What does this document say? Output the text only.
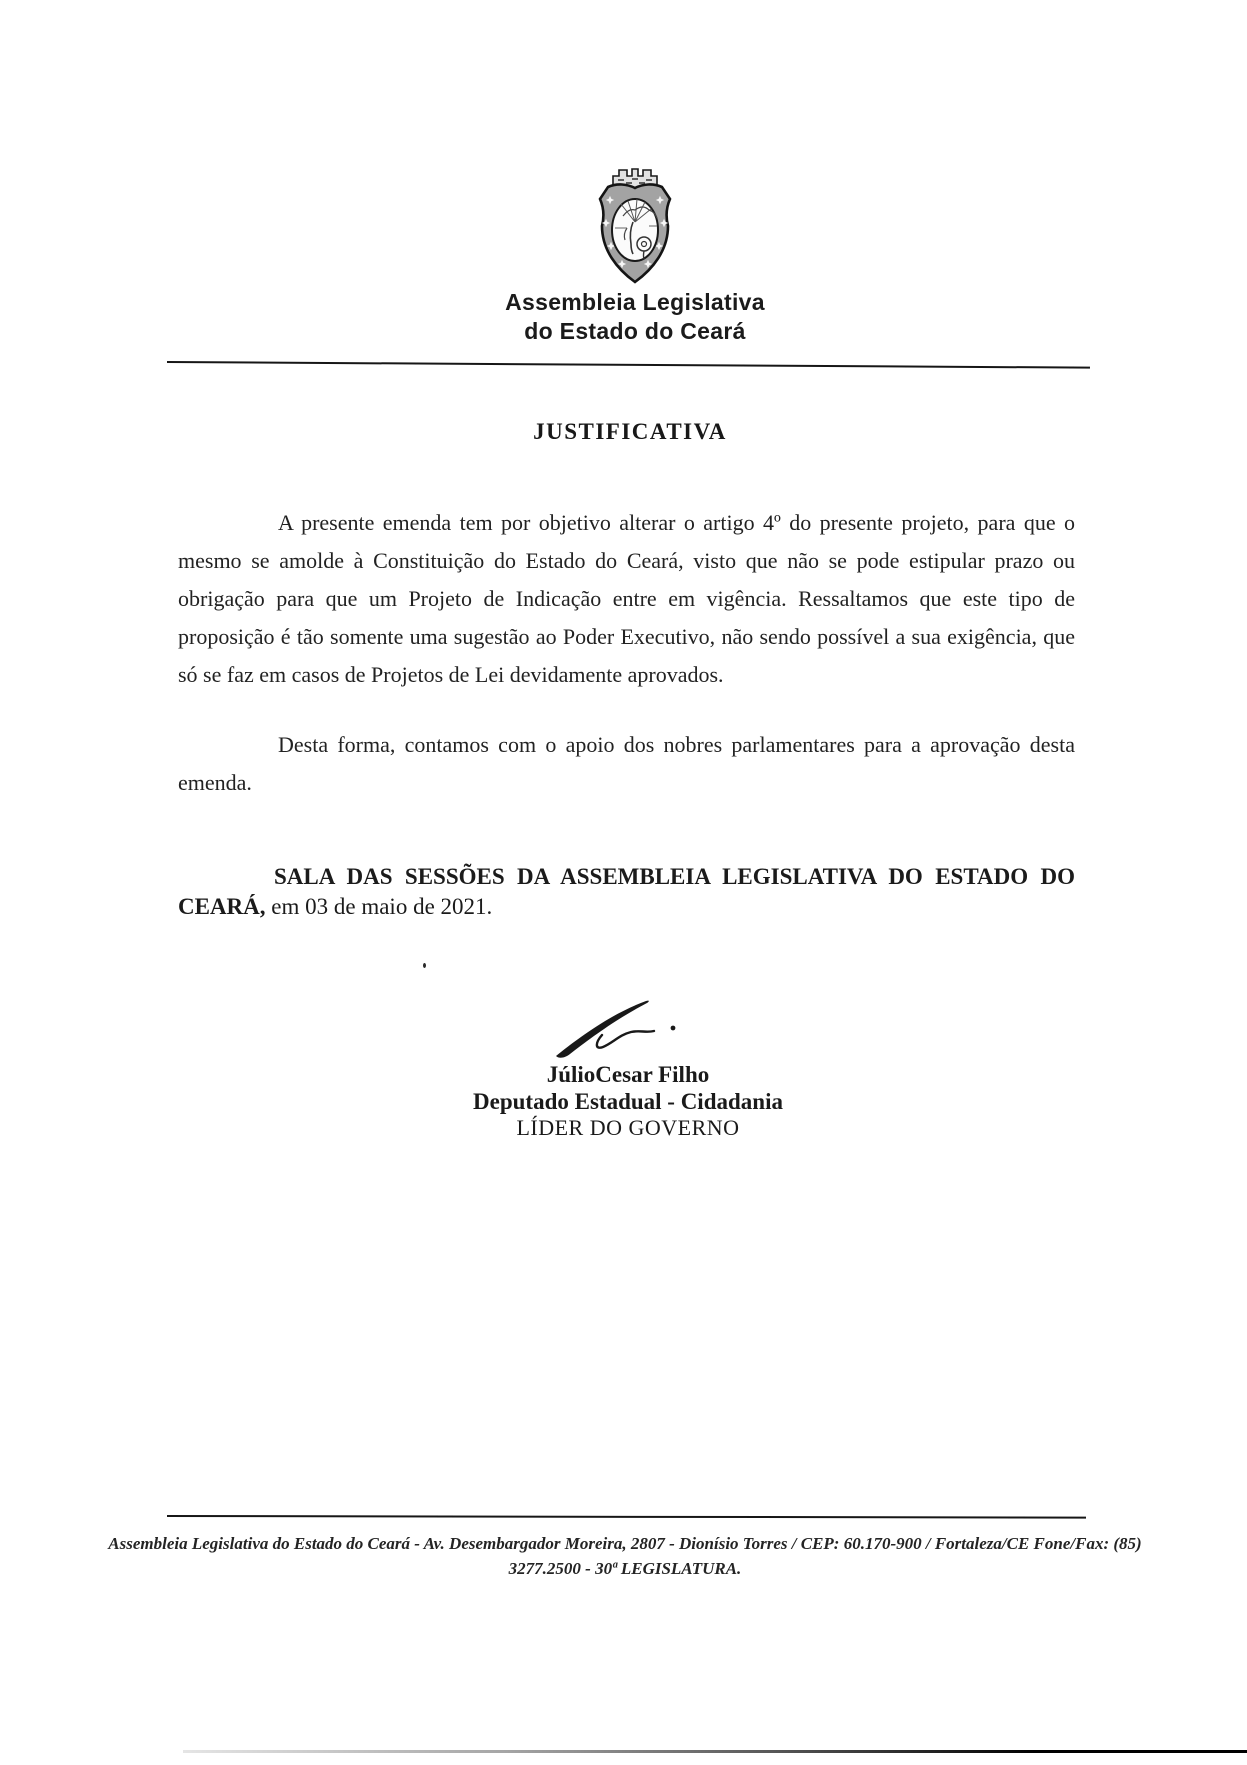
Assembleia Legislativa
do Estado do Ceará
JUSTIFICATIVA

A presente emenda tem por objetivo alterar o artigo 4º do presente projeto, para que o mesmo se amolde à Constituição do Estado do Ceará, visto que não se pode estipular prazo ou obrigação para que um Projeto de Indicação entre em vigência. Ressaltamos que este tipo de proposição é tão somente uma sugestão ao Poder Executivo, não sendo possível a sua exigência, que só se faz em casos de Projetos de Lei devidamente aprovados.

Desta forma, contamos com o apoio dos nobres parlamentares para a aprovação desta emenda.

SALA DAS SESSÕES DA ASSEMBLEIA LEGISLATIVA DO ESTADO DO CEARÁ, em 03 de maio de 2021.

JúlioCesar Filho
Deputado Estadual - Cidadania
LÍDER DO GOVERNO
Assembleia Legislativa do Estado do Ceará - Av. Desembargador Moreira, 2807 - Dionísio Torres / CEP: 60.170-900 / Fortaleza/CE Fone/Fax: (85)
3277.2500 - 30ª LEGISLATURA.
